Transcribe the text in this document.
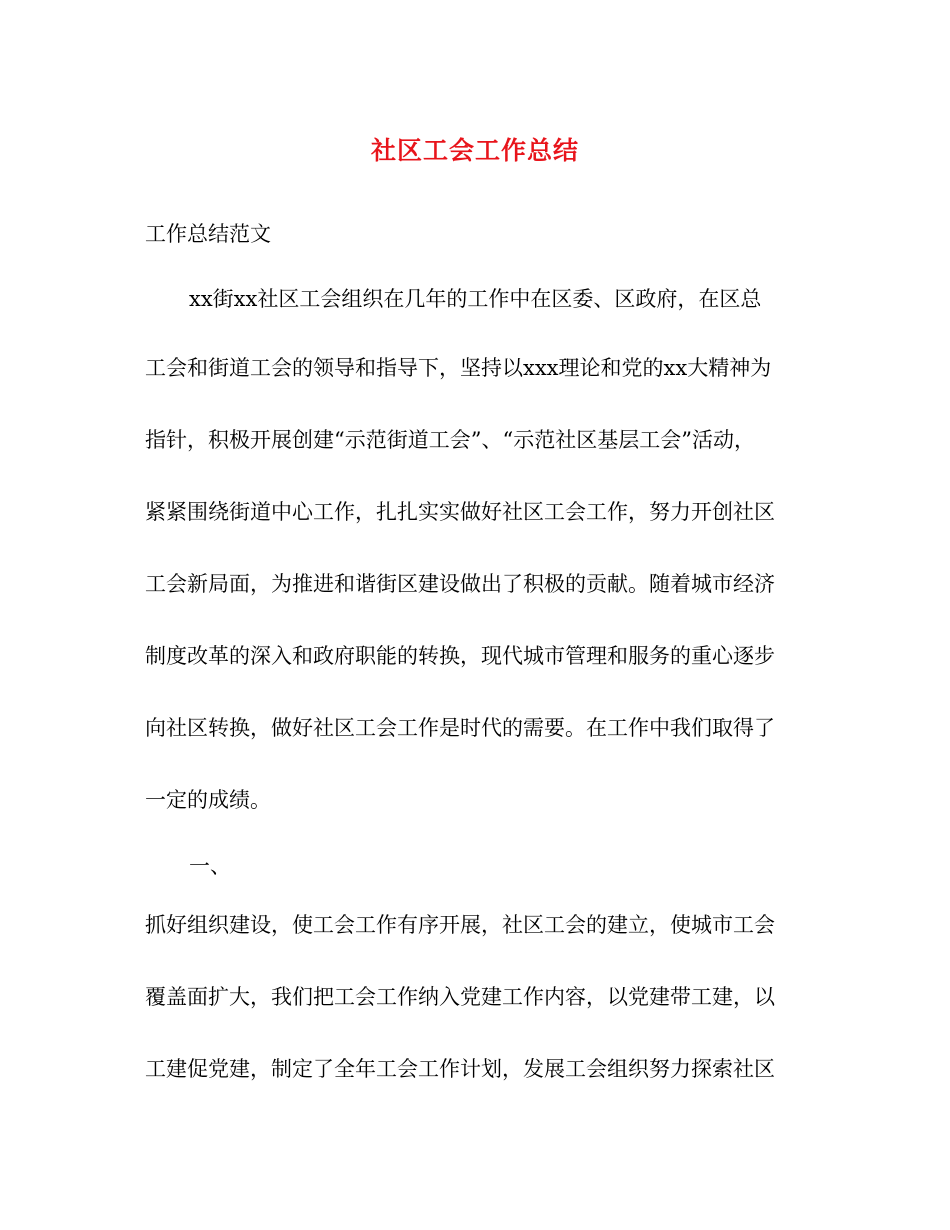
社区工会工作总结
工作总结范文
xx街xx社区工会组织在几年的工作中在区委、区政府，在区总
工会和街道工会的领导和指导下，坚持以xxx理论和党的xx大精神为
指针，积极开展创建“示范街道工会”、“示范社区基层工会”活动，
紧紧围绕街道中心工作，扎扎实实做好社区工会工作，努力开创社区
工会新局面，为推进和谐街区建设做出了积极的贡献。随着城市经济
制度改革的深入和政府职能的转换，现代城市管理和服务的重心逐步
向社区转换，做好社区工会工作是时代的需要。在工作中我们取得了
一定的成绩。
一、
抓好组织建设，使工会工作有序开展，社区工会的建立，使城市工会
覆盖面扩大，我们把工会工作纳入党建工作内容，以党建带工建，以
工建促党建，制定了全年工会工作计划，发展工会组织努力探索社区
